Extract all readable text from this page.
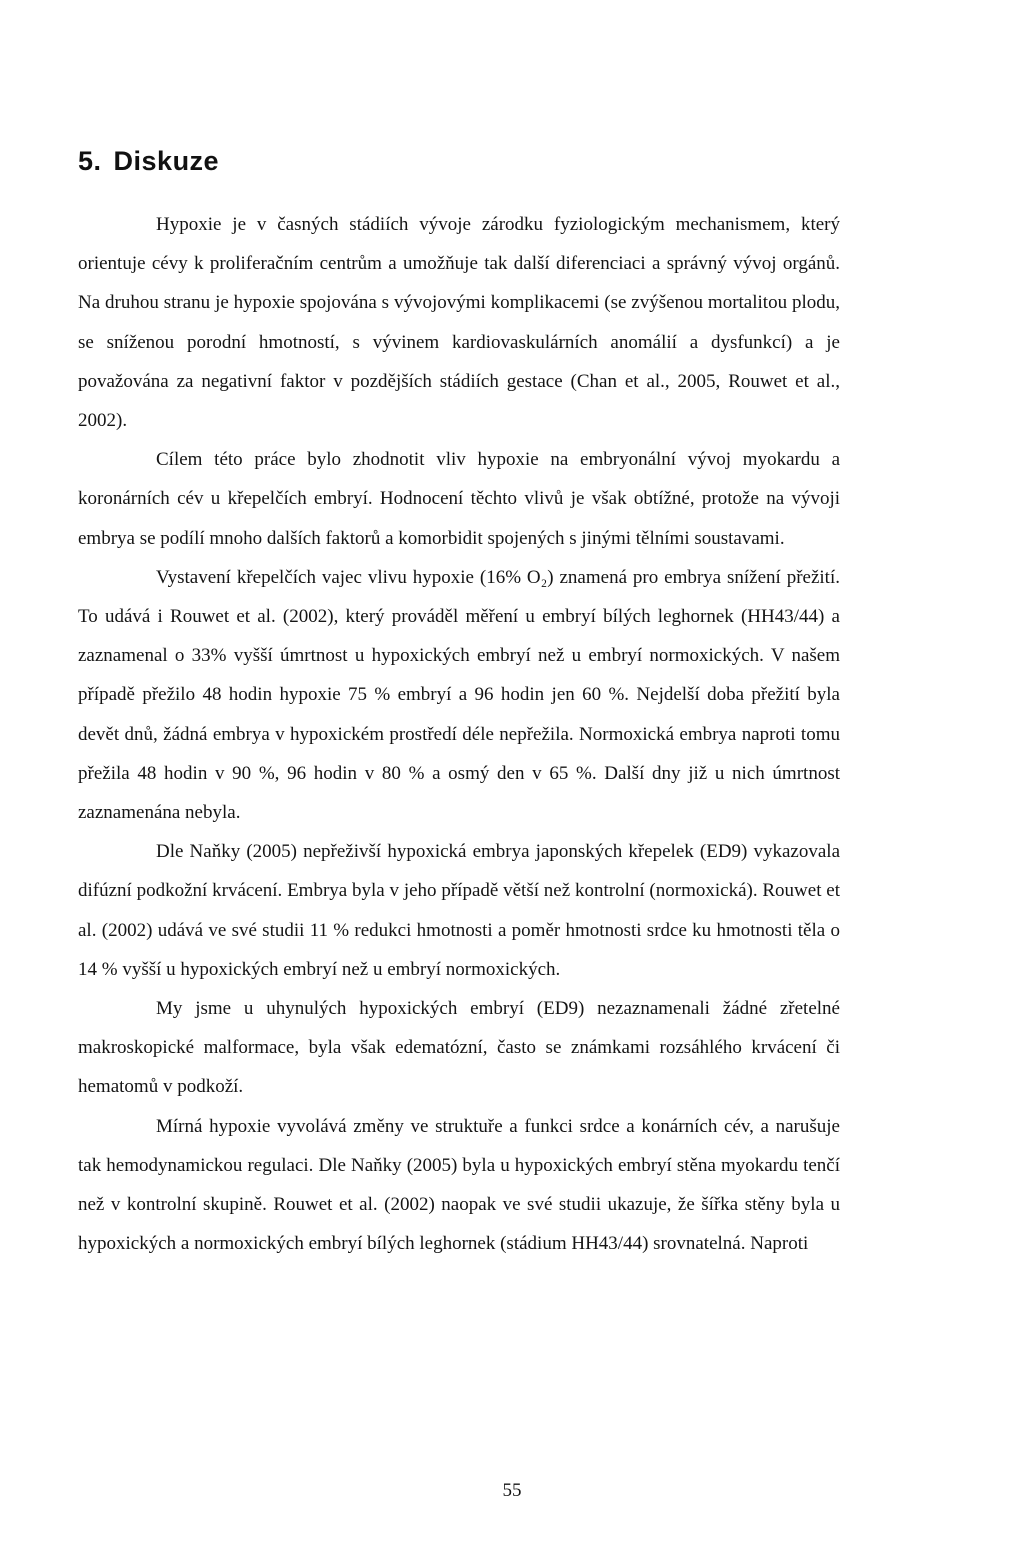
5. Diskuze

Hypoxie je v časných stádiích vývoje zárodku fyziologickým mechanismem, který orientuje cévy k proliferačním centrům a umožňuje tak další diferenciaci a správný vývoj orgánů. Na druhou stranu je hypoxie spojována s vývojovými komplikacemi (se zvýšenou mortalitou plodu, se sníženou porodní hmotností, s vývinem kardiovaskulárních anomálií a dysfunkcí) a je považována za negativní faktor v pozdějších stádiích gestace (Chan et al., 2005, Rouwet et al., 2002).

Cílem této práce bylo zhodnotit vliv hypoxie na embryonální vývoj myokardu a koronárních cév u křepelčích embryí. Hodnocení těchto vlivů je však obtížné, protože na vývoji embrya se podílí mnoho dalších faktorů a komorbidit spojených s jinými tělními soustavami.

Vystavení křepelčích vajec vlivu hypoxie (16% O₂) znamená pro embrya snížení přežití. To udává i Rouwet et al. (2002), který prováděl měření u embryí bílých leghornek (HH43/44) a zaznamenal o 33% vyšší úmrtnost u hypoxických embryí než u embryí normoxických. V našem případě přežilo 48 hodin hypoxie 75 % embryí a 96 hodin jen 60 %. Nejdelší doba přežití byla devět dnů, žádná embrya v hypoxickém prostředí déle nepřežila. Normoxická embrya naproti tomu přežila 48 hodin v 90 %, 96 hodin v 80 % a osmý den v 65 %. Další dny již u nich úmrtnost zaznamenána nebyla.

Dle Naňky (2005) nepřeživší hypoxická embrya japonských křepelek (ED9) vykazovala difúzní podkožní krvácení. Embrya byla v jeho případě větší než kontrolní (normoxická). Rouwet et al. (2002) udává ve své studii 11 % redukci hmotnosti a poměr hmotnosti srdce ku hmotnosti těla o 14 % vyšší u hypoxických embryí než u embryí normoxických.

My jsme u uhynulých hypoxických embryí (ED9) nezaznamenali žádné zřetelné makroskopické malformace, byla však edematózní, často se známkami rozsáhlého krvácení či hematomů v podkoží.

Mírná hypoxie vyvolává změny ve struktuře a funkci srdce a konárních cév, a narušuje tak hemodynamickou regulaci. Dle Naňky (2005) byla u hypoxických embryí stěna myokardu tenčí než v kontrolní skupině. Rouwet et al. (2002) naopak ve své studii ukazuje, že šířka stěny byla u hypoxických a normoxických embryí bílých leghornek (stádium HH43/44) srovnatelná. Naproti

55
